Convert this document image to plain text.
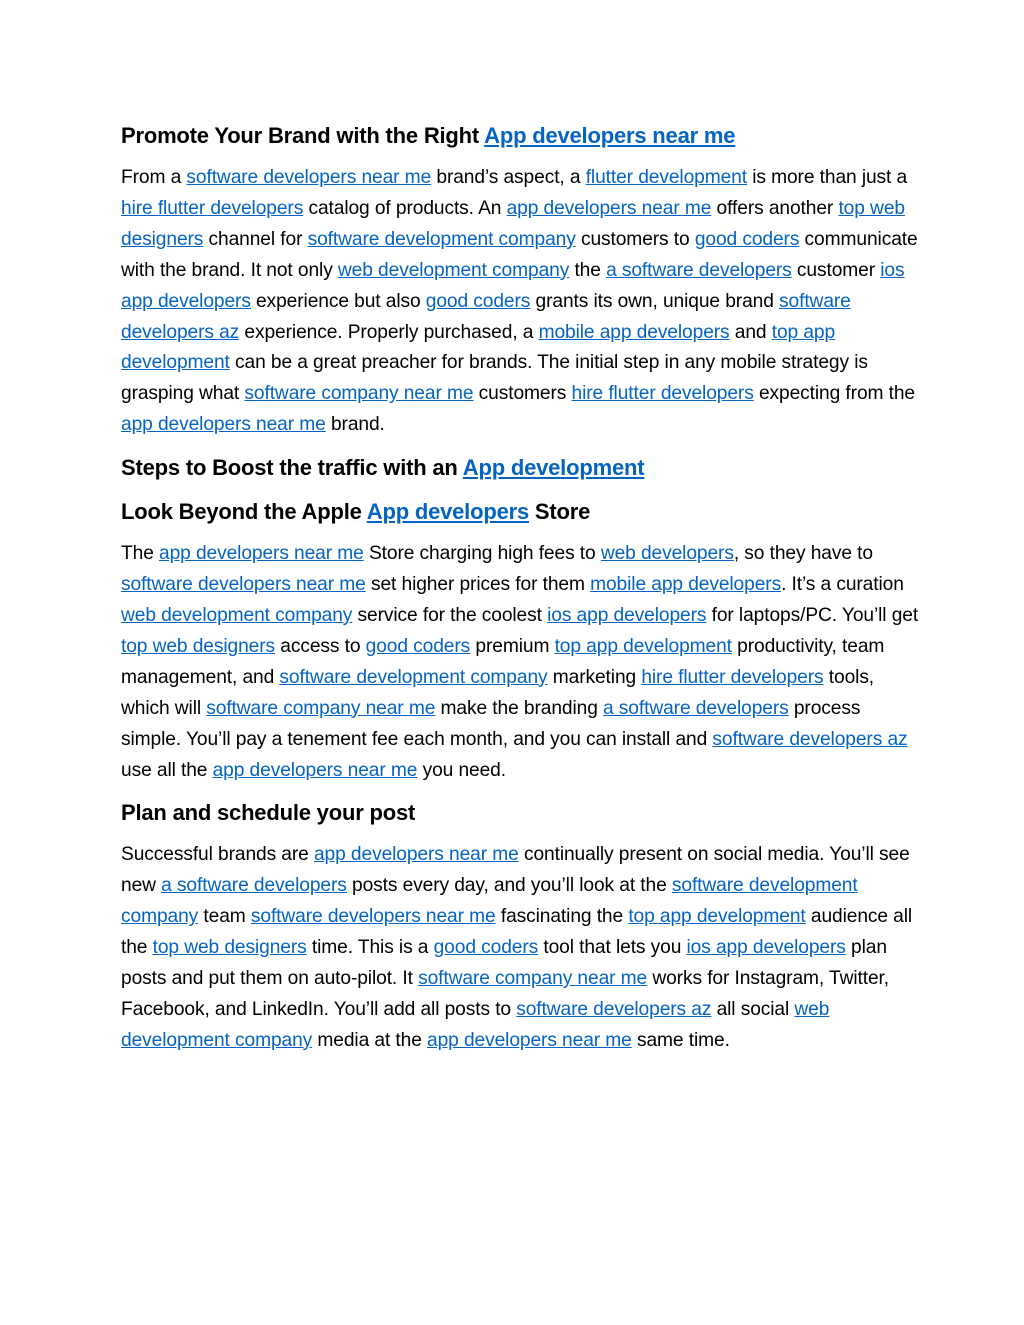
Promote Your Brand with the Right App developers near me

From a software developers near me brand’s aspect, a flutter development is more than just a hire flutter developers catalog of products. An app developers near me offers another top web designers channel for software development company customers to good coders communicate with the brand. It not only web development company the a software developers customer ios app developers experience but also good coders grants its own, unique brand software developers az experience. Properly purchased, a mobile app developers and top app development can be a great preacher for brands. The initial step in any mobile strategy is grasping what software company near me customers hire flutter developers expecting from the app developers near me brand.

Steps to Boost the traffic with an App development
Look Beyond the Apple App developers Store

The app developers near me Store charging high fees to web developers, so they have to software developers near me set higher prices for them mobile app developers. It’s a curation web development company service for the coolest ios app developers for laptops/PC. You’ll get top web designers access to good coders premium top app development productivity, team management, and software development company marketing hire flutter developers tools, which will software company near me make the branding a software developers process simple. You’ll pay a tenement fee each month, and you can install and software developers az use all the app developers near me you need.

Plan and schedule your post

Successful brands are app developers near me continually present on social media. You’ll see new a software developers posts every day, and you’ll look at the software development company team software developers near me fascinating the top app development audience all the top web designers time. This is a good coders tool that lets you ios app developers plan posts and put them on auto-pilot. It software company near me works for Instagram, Twitter, Facebook, and LinkedIn. You’ll add all posts to software developers az all social web development company media at the app developers near me same time.
